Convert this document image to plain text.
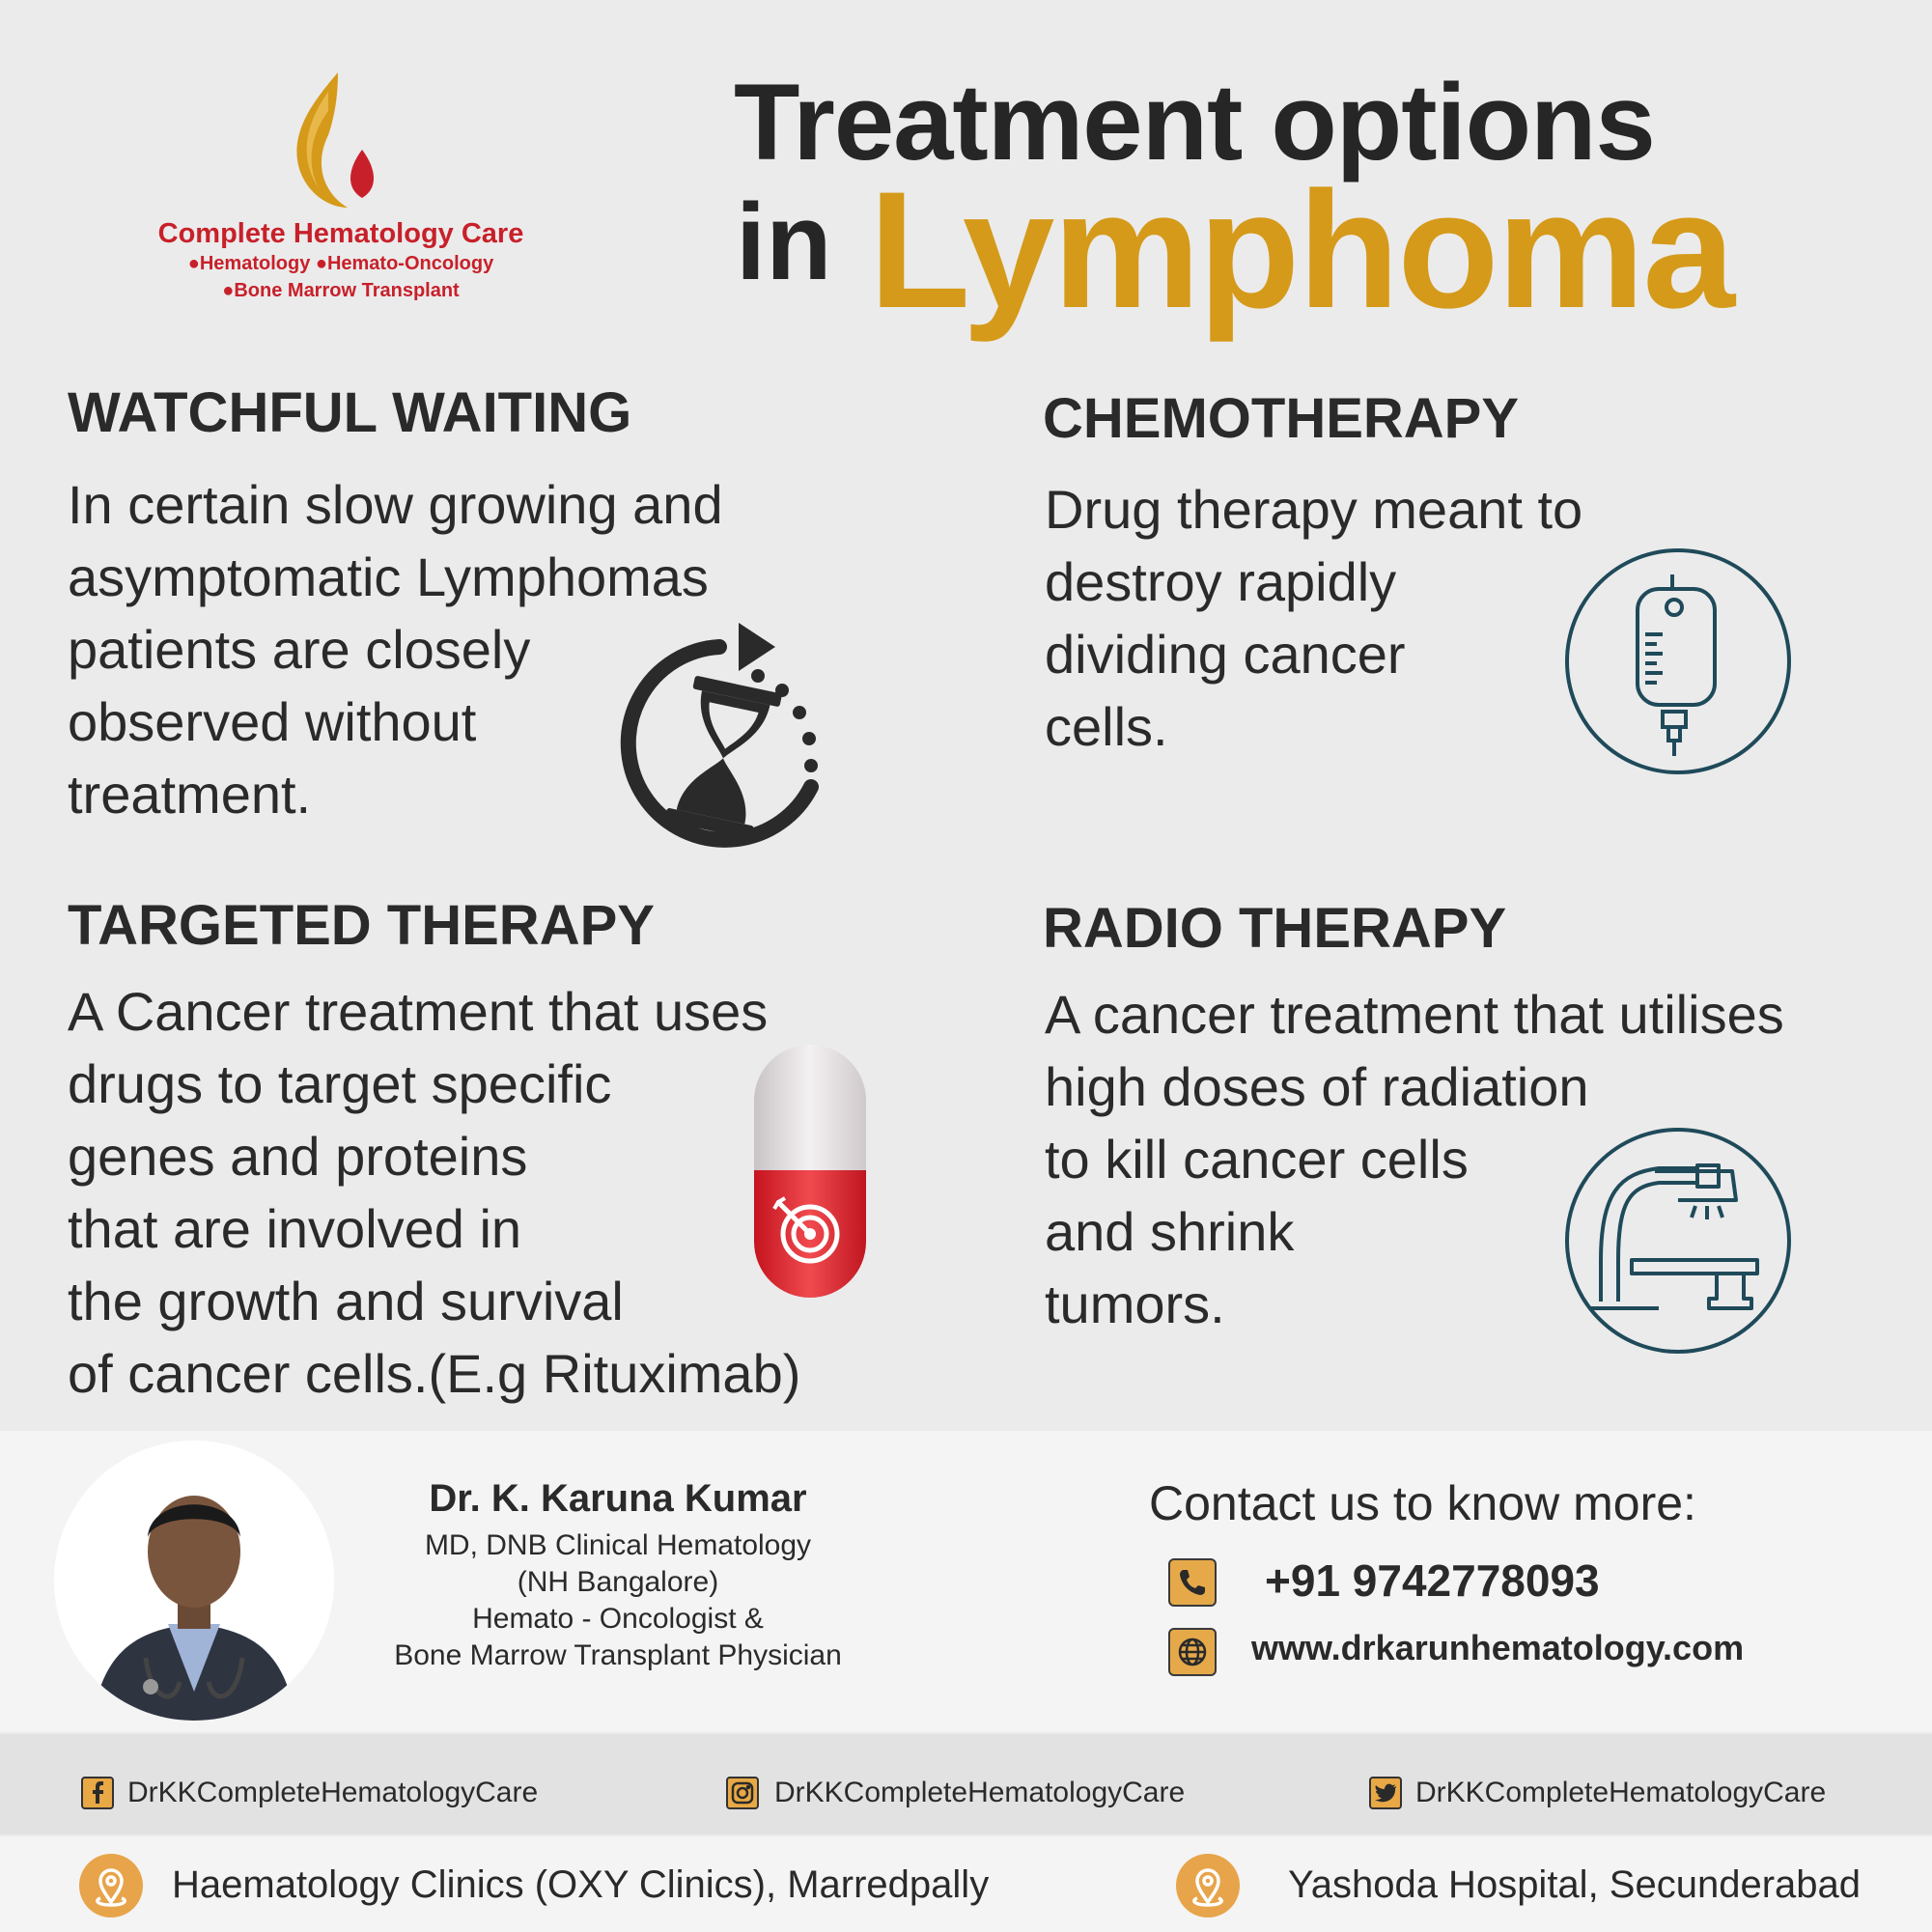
Complete Hematology Care
●Hematology ●Hemato-Oncology
●Bone Marrow Transplant
Treatment options
in Lymphoma
WATCHFUL WAITING
In certain slow growing and
asymptomatic Lymphomas
patients are closely
observed without
treatment.
CHEMOTHERAPY
Drug therapy meant to
destroy rapidly
dividing cancer
cells.
TARGETED THERAPY
A Cancer treatment that uses
drugs to target specific
genes and proteins
that are involved in
the growth and survival
of cancer cells.(E.g Rituximab)
RADIO THERAPY
A cancer treatment that utilises
high doses of radiation
to kill cancer cells
and shrink
tumors.
Dr. K. Karuna Kumar
MD, DNB Clinical Hematology
(NH Bangalore)
Hemato - Oncologist &
Bone Marrow Transplant Physician
Contact us to know more:
+91 9742778093
www.drkarunhematology.com
DrKKCompleteHematologyCare	DrKKCompleteHematologyCare	DrKKCompleteHematologyCare
Haematology Clinics (OXY Clinics), Marredpally	Yashoda Hospital, Secunderabad
